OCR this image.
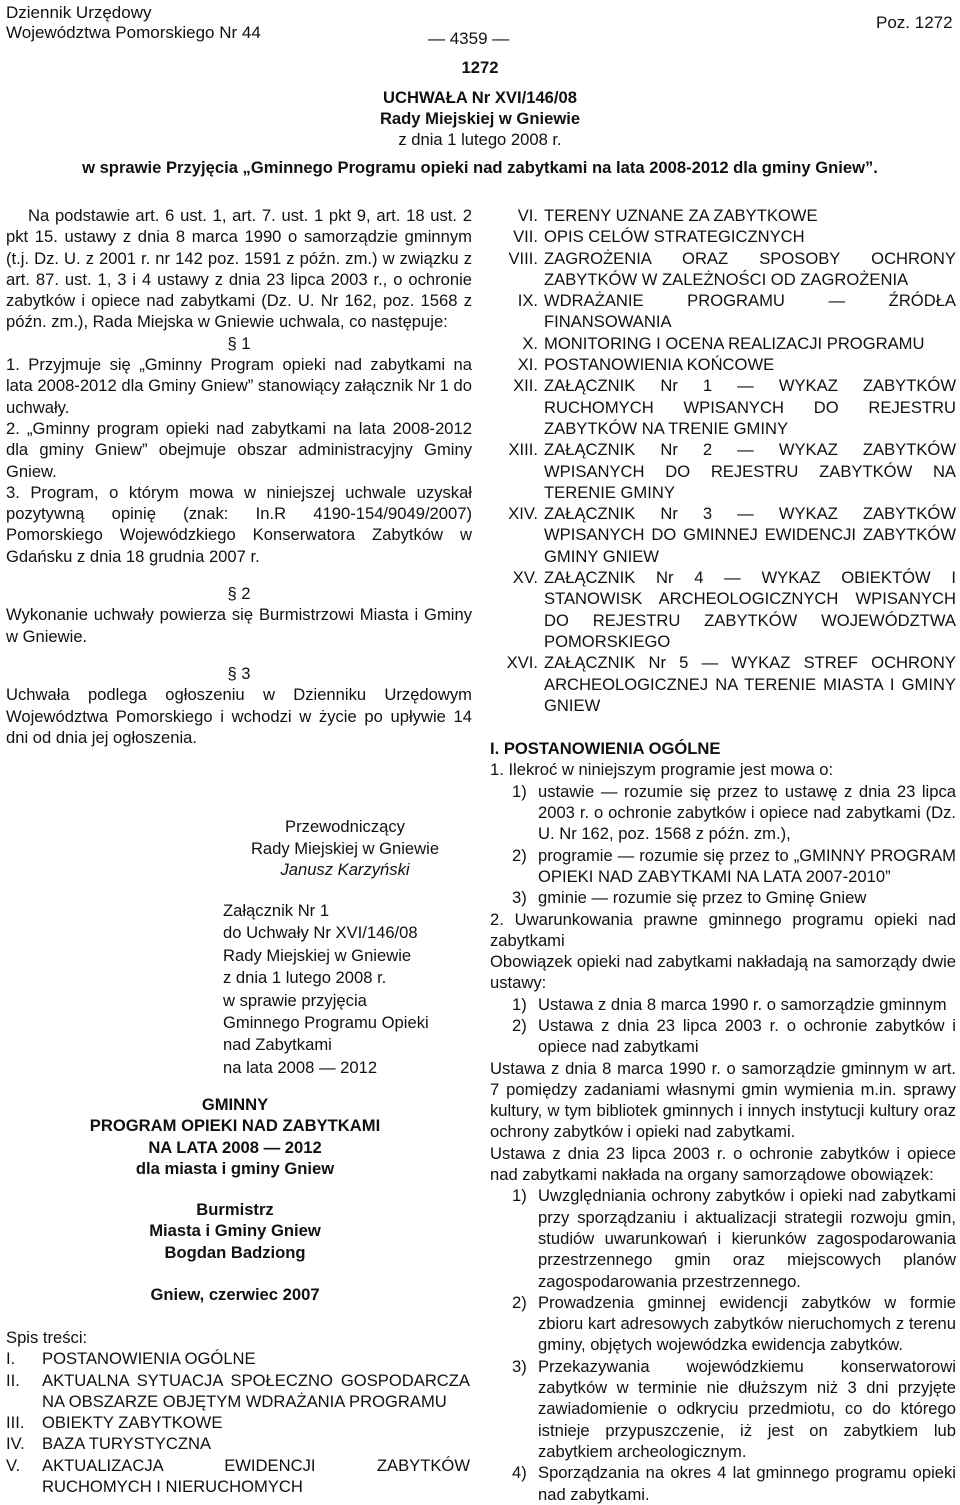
Dziennik Urzędowy
Województwa Pomorskiego Nr 44	— 4359 —
Poz. 1272
1272
UCHWAŁA Nr XVI/146/08
Rady Miejskiej w Gniewie
z dnia 1 lutego 2008 r.
w sprawie Przyjęcia „Gminnego Programu opieki nad zabytkami na lata 2008-2012 dla gminy Gniew”.

Na podstawie art. 6 ust. 1, art. 7. ust. 1 pkt 9, art. 18 ust. 2 pkt 15. ustawy z dnia 8 marca 1990 o samorządzie gminnym (t.j. Dz. U. z 2001 r. nr 142 poz. 1591 z późn. zm.) w związku z art. 87. ust. 1, 3 i 4 ustawy z dnia 23 lipca 2003 r., o ochronie zabytków i opiece nad zabytkami (Dz. U. Nr 162, poz. 1568 z późn. zm.), Rada Miejska w Gniewie uchwala, co następuje:

§ 1

1. Przyjmuje się „Gminny Program opieki nad zabytkami na lata 2008-2012 dla Gminy Gniew” stanowiący załącznik Nr 1 do uchwały.

2. „Gminny program opieki nad zabytkami na lata 2008-2012 dla gminy Gniew” obejmuje obszar administracyjny Gminy Gniew.

3. Program, o którym mowa w niniejszej uchwale uzyskał pozytywną opinię (znak: In.R 4190-154/9049/2007) Pomorskiego Wojewódzkiego Konserwatora Zabytków w Gdańsku z dnia 18 grudnia 2007 r.

§ 2

Wykonanie uchwały powierza się Burmistrzowi Miasta i Gminy w Gniewie.

§ 3

Uchwała podlega ogłoszeniu w Dzienniku Urzędowym Województwa Pomorskiego i wchodzi w życie po upływie 14 dni od dnia jej ogłoszenia.

Przewodniczący
Rady Miejskiej w Gniewie
Janusz Karzyński
Załącznik Nr 1
do Uchwały Nr XVI/146/08
Rady Miejskiej w Gniewie
z dnia 1 lutego 2008 r.
w sprawie przyjęcia
Gminnego Programu Opieki
nad Zabytkami
na lata 2008 — 2012
GMINNY
PROGRAM OPIEKI NAD ZABYTKAMI
NA LATA 2008 — 2012
dla miasta i gminy Gniew
Burmistrz
Miasta i Gminy Gniew
Bogdan Badziong
Gniew, czerwiec 2007
Spis treści:
I.	POSTANOWIENIA OGÓLNE
II.	AKTUALNA SYTUACJA SPOŁECZNO GOSPODARCZA NA OBSZARZE OBJĘTYM WDRAŻANIA PROGRAMU
III.	OBIEKTY ZABYTKOWE
IV.	BAZA TURYSTYCZNA
V.	AKTUALIZACJA EWIDENCJI ZABYTKÓW RUCHOMYCH I NIERUCHOMYCH
VI. TERENY UZNANE ZA ZABYTKOWE
VII. OPIS CELÓW STRATEGICZNYCH
VIII. ZAGROŻENIA ORAZ SPOSOBY OCHRONY ZABYTKÓW W ZALEŻNOŚCI OD ZAGROŻENIA
IX. WDRAŻANIE PROGRAMU — ŹRÓDŁA FINANSOWANIA
X. MONITORING I OCENA REALIZACJI PROGRAMU
XI. POSTANOWIENIA KOŃCOWE
XII. ZAŁĄCZNIK Nr 1 — WYKAZ ZABYTKÓW RUCHOMYCH WPISANYCH DO REJESTRU ZABYTKÓW NA TRENIE GMINY
XIII. ZAŁĄCZNIK Nr 2 — WYKAZ ZABYTKÓW WPISANYCH DO REJESTRU ZABYTKÓW NA TERENIE GMINY
XIV. ZAŁĄCZNIK Nr 3 — WYKAZ ZABYTKÓW WPISANYCH DO GMINNEJ EWIDENCJI ZABYTKÓW GMINY GNIEW
XV. ZAŁĄCZNIK Nr 4 — WYKAZ OBIEKTÓW I STANOWISK ARCHEOLOGICZNYCH WPISANYCH DO REJESTRU ZABYTKÓW WOJEWÓDZTWA POMORSKIEGO
XVI. ZAŁĄCZNIK Nr 5 — WYKAZ STREF OCHRONY ARCHEOLOGICZNEJ NA TERENIE MIASTA I GMINY GNIEW

I. POSTANOWIENIA OGÓLNE

1. Ilekroć w niniejszym programie jest mowa o:

1) ustawie — rozumie się przez to ustawę z dnia 23 lipca 2003 r. o ochronie zabytków i opiece nad zabytkami (Dz. U. Nr 162, poz. 1568 z późn. zm.),
2) programie — rozumie się przez to „GMINNY PROGRAM OPIEKI NAD ZABYTKAMI NA LATA 2007-2010”
3) gminie — rozumie się przez to Gminę Gniew

2. Uwarunkowania prawne gminnego programu opieki nad zabytkami

Obowiązek opieki nad zabytkami nakładają na samorządy dwie ustawy:

1) Ustawa z dnia 8 marca 1990 r. o samorządzie gminnym
2) Ustawa z dnia 23 lipca 2003 r. o ochronie zabytków i opiece nad zabytkami

Ustawa z dnia 8 marca 1990 r. o samorządzie gminnym w art. 7 pomiędzy zadaniami własnymi gmin wymienia m.in. sprawy kultury, w tym bibliotek gminnych i innych instytucji kultury oraz ochrony zabytków i opieki nad zabytkami.

Ustawa z dnia 23 lipca 2003 r. o ochronie zabytków i opiece nad zabytkami nakłada na organy samorządowe obowiązek:

1) Uwzględniania ochrony zabytków i opieki nad zabytkami przy sporządzaniu i aktualizacji strategii rozwoju gmin, studiów uwarunkowań i kierunków zagospodarowania przestrzennego gmin oraz miejscowych planów zagospodarowania przestrzennego.
2) Prowadzenia gminnej ewidencji zabytków w formie zbioru kart adresowych zabytków nieruchomych z terenu gminy, objętych wojewódzka ewidencja zabytków.
3) Przekazywania wojewódzkiemu konserwatorowi zabytków w terminie nie dłuższym niż 3 dni przyjęte zawiadomienie o odkryciu przedmiotu, co do którego istnieje przypuszczenie, iż jest on zabytkiem lub zabytkiem archeologicznym.
4) Sporządzania na okres 4 lat gminnego programu opieki nad zabytkami.
